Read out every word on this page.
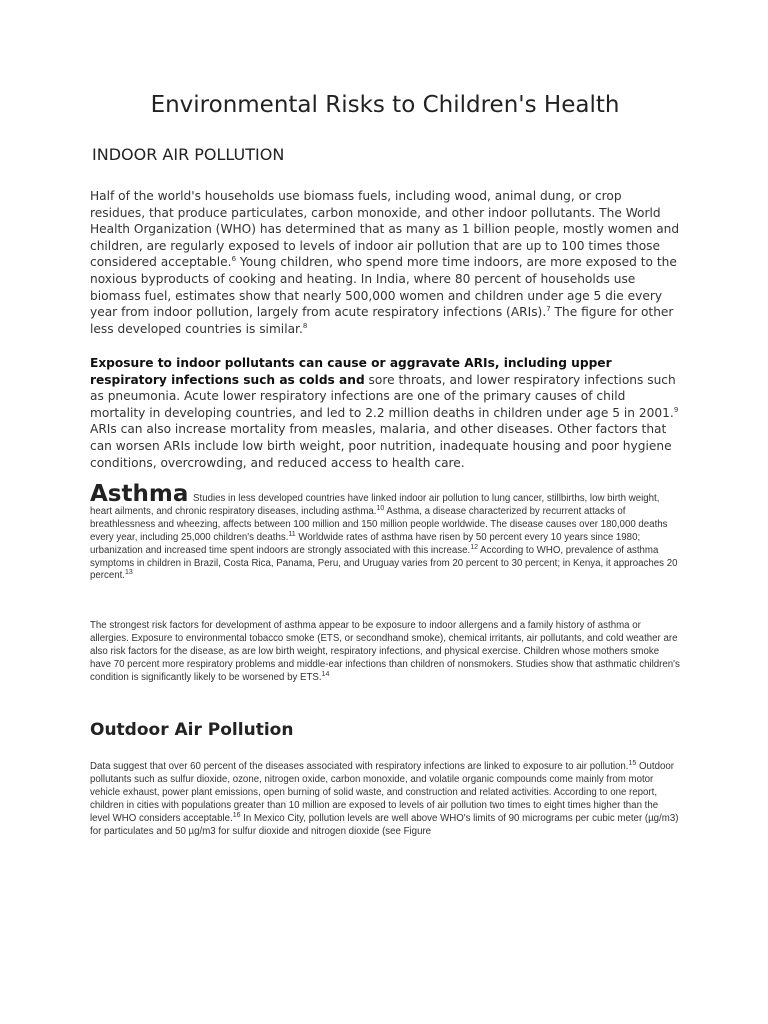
Environmental Risks to Children's Health
INDOOR AIR POLLUTION

Half of the world's households use biomass fuels, including wood, animal dung, or crop residues, that produce particulates, carbon monoxide, and other indoor pollutants. The World Health Organization (WHO) has determined that as many as 1 billion people, mostly women and children, are regularly exposed to levels of indoor air pollution that are up to 100 times those considered acceptable.$^6$ Young children, who spend more time indoors, are more exposed to the noxious byproducts of cooking and heating. In India, where 80 percent of households use biomass fuel, estimates show that nearly 500,000 women and children under age 5 die every year from indoor pollution, largely from acute respiratory infections (ARIs).$^7$ The figure for other less developed countries is similar.$^8$

Exposure to indoor pollutants can cause or aggravate ARIs, including upper respiratory infections such as colds and sore throats, and lower respiratory infections such as pneumonia. Acute lower respiratory infections are one of the primary causes of child mortality in developing countries, and led to 2.2 million deaths in children under age 5 in 2001.$^9$ ARIs can also increase mortality from measles, malaria, and other diseases. Other factors that can worsen ARIs include low birth weight, poor nutrition, inadequate housing and poor hygiene conditions, overcrowding, and reduced access to health care.

Asthma Studies in less developed countries have linked indoor air pollution to lung cancer, stillbirths, low birth weight, heart ailments, and chronic respiratory diseases, including asthma.$^{10}$ Asthma, a disease characterized by recurrent attacks of breathlessness and wheezing, affects between 100 million and 150 million people worldwide. The disease causes over 180,000 deaths every year, including 25,000 children's deaths.$^{11}$ Worldwide rates of asthma have risen by 50 percent every 10 years since 1980; urbanization and increased time spent indoors are strongly associated with this increase.$^{12}$ According to WHO, prevalence of asthma symptoms in children in Brazil, Costa Rica, Panama, Peru, and Uruguay varies from 20 percent to 30 percent; in Kenya, it approaches 20 percent.$^{13}$

The strongest risk factors for development of asthma appear to be exposure to indoor allergens and a family history of asthma or allergies. Exposure to environmental tobacco smoke (ETS, or secondhand smoke), chemical irritants, air pollutants, and cold weather are also risk factors for the disease, as are low birth weight, respiratory infections, and physical exercise. Children whose mothers smoke have 70 percent more respiratory problems and middle-ear infections than children of nonsmokers. Studies show that asthmatic children's condition is significantly likely to be worsened by ETS.$^{14}$

Outdoor Air Pollution

Data suggest that over 60 percent of the diseases associated with respiratory infections are linked to exposure to air pollution.$^{15}$ Outdoor pollutants such as sulfur dioxide, ozone, nitrogen oxide, carbon monoxide, and volatile organic compounds come mainly from motor vehicle exhaust, power plant emissions, open burning of solid waste, and construction and related activities. According to one report, children in cities with populations greater than 10 million are exposed to levels of air pollution two times to eight times higher than the level WHO considers acceptable.$^{16}$ In Mexico City, pollution levels are well above WHO's limits of 90 micrograms per cubic meter (µg/m3) for particulates and 50 µg/m3 for sulfur dioxide and nitrogen dioxide (see Figure
